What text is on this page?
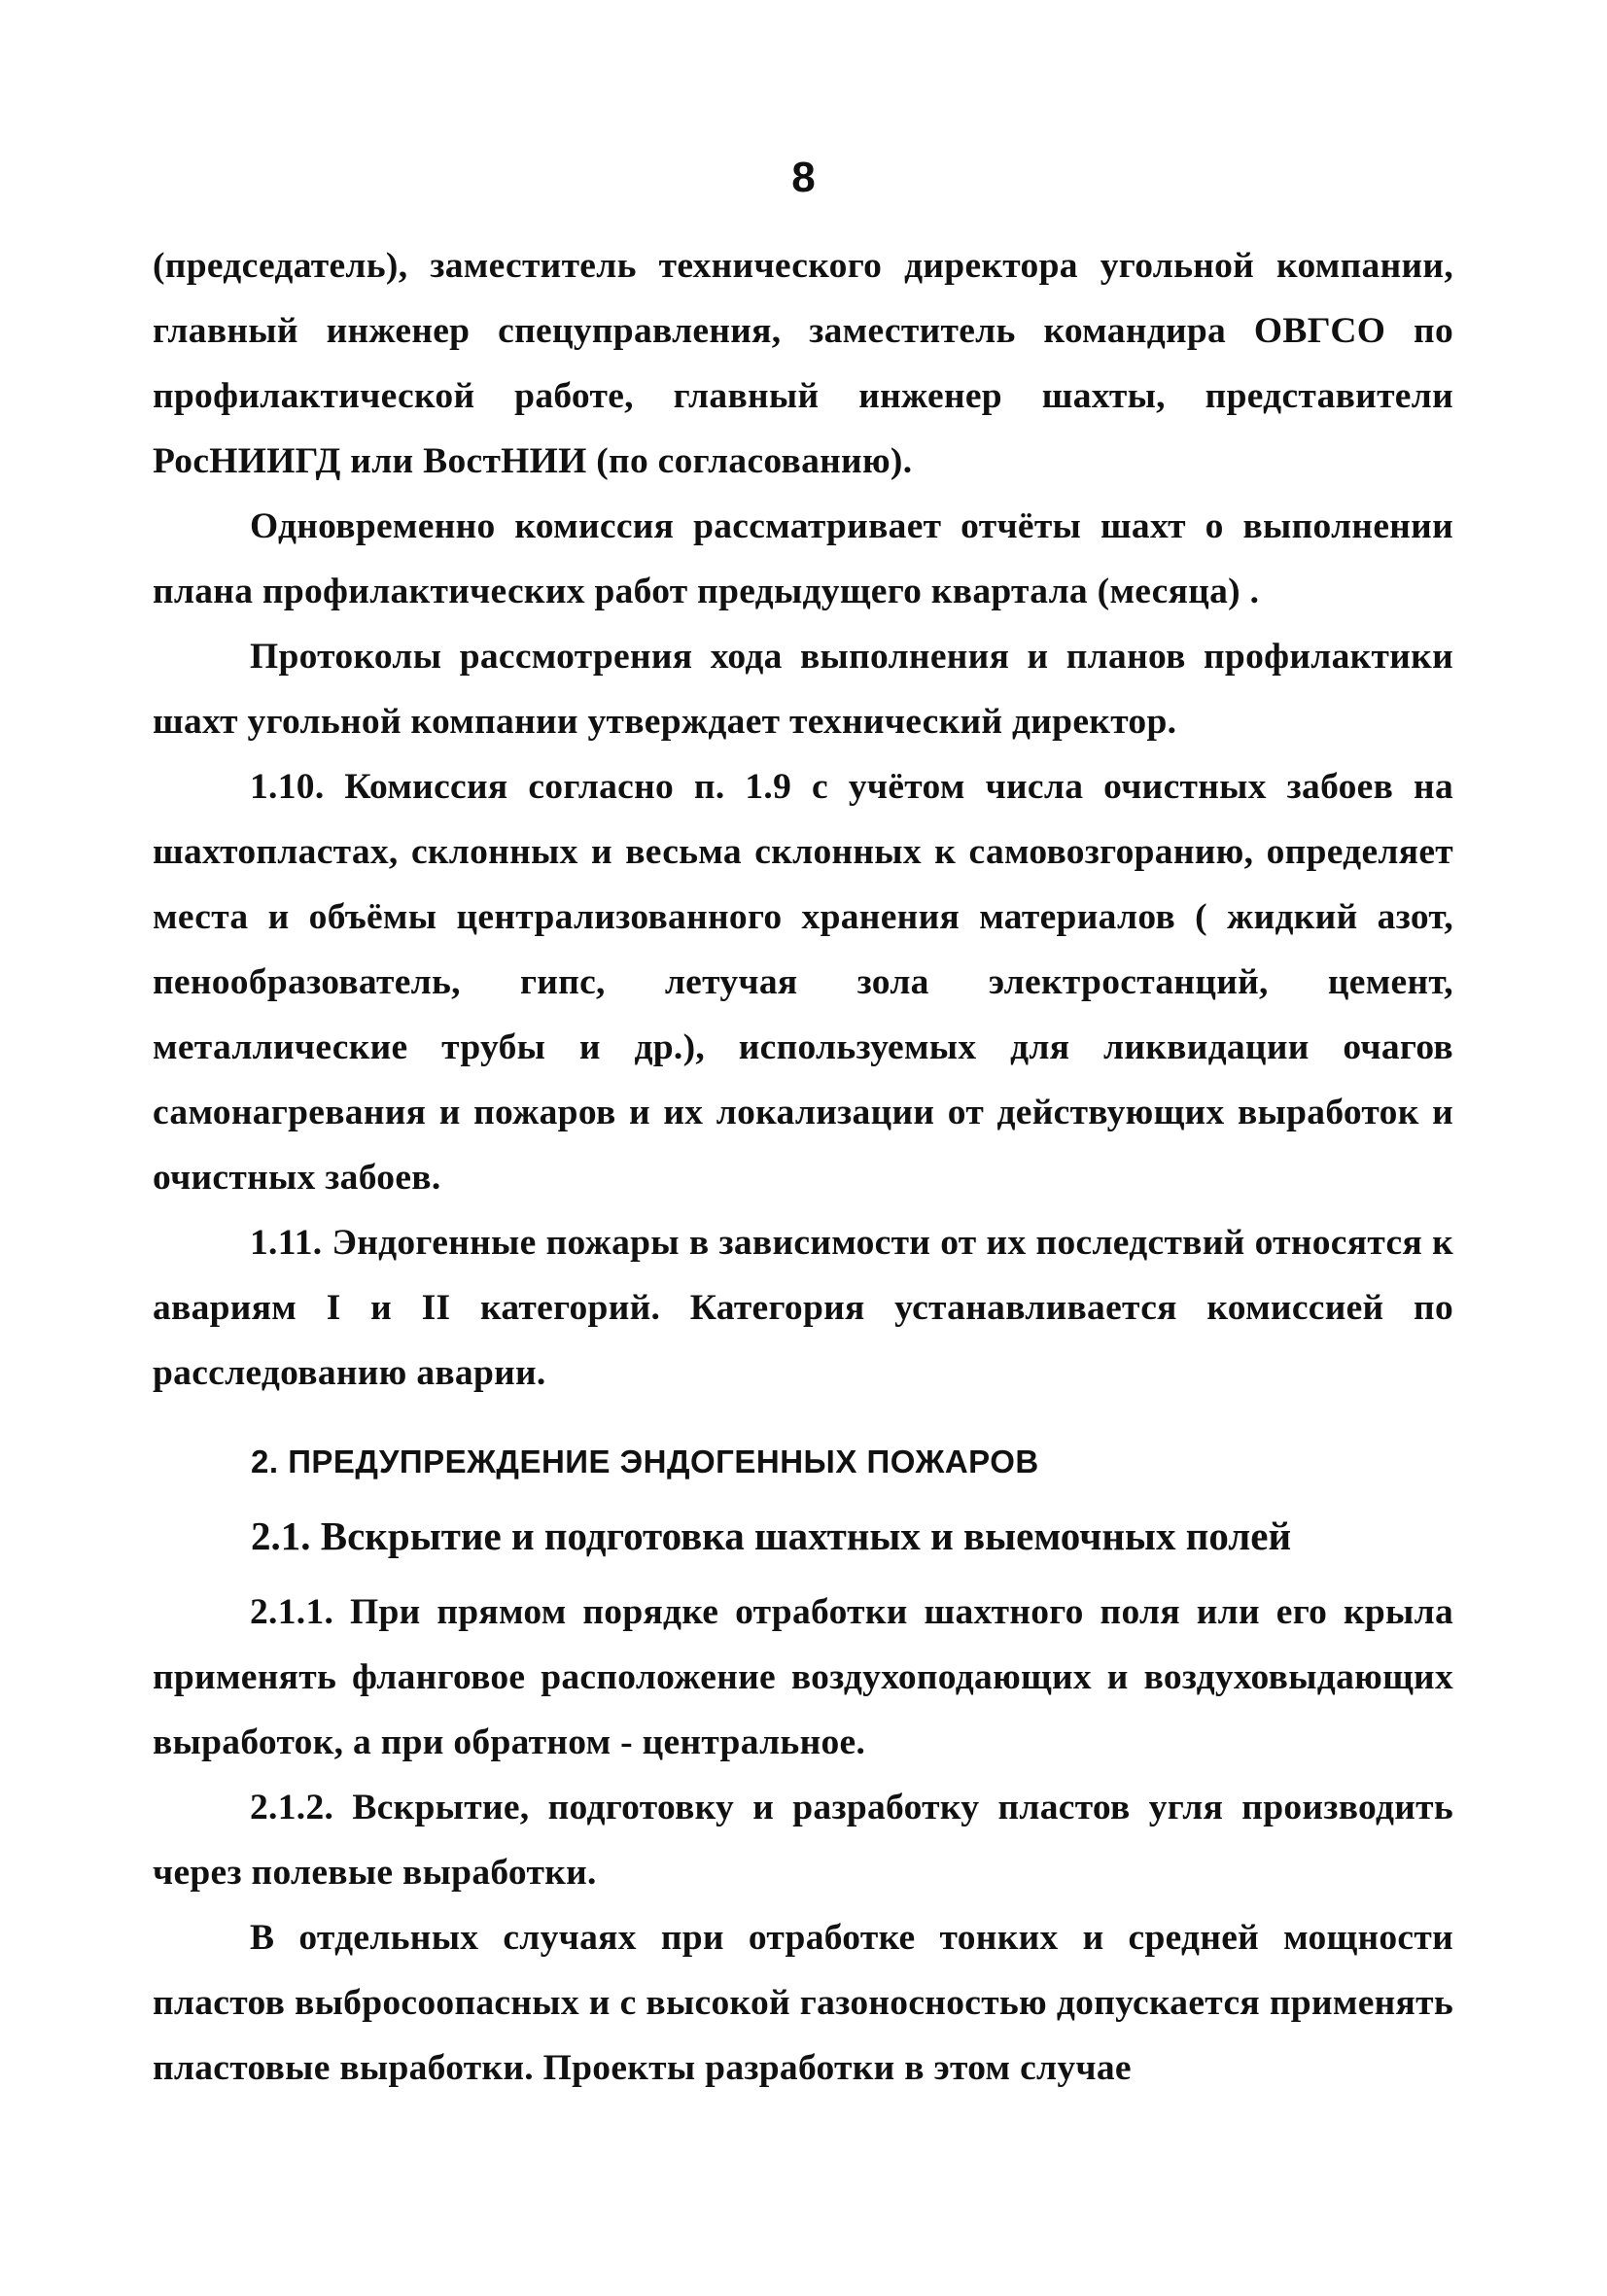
8

(председатель), заместитель технического директора угольной компании, главный инженер спецуправления, заместитель командира ОВГСО по профилактической работе, главный инженер шахты, представители РосНИИГД или ВостНИИ (по согласованию).

Одновременно комиссия рассматривает отчёты шахт о выполнении плана профилактических работ предыдущего квартала (месяца) .

Протоколы рассмотрения хода выполнения и планов профилактики шахт угольной компании утверждает технический директор.

1.10. Комиссия согласно п. 1.9 с учётом числа очистных забоев на шахтопластах, склонных и весьма склонных к самовозгоранию, определяет места и объёмы централизованного хранения материалов ( жидкий азот, пенообразователь, гипс, летучая зола электростанций, цемент, металлические трубы и др.), используемых для ликвидации очагов самонагревания и пожаров и их локализации от действующих выработок и очистных забоев.

1.11. Эндогенные пожары в зависимости от их последствий относятся к авариям I и II категорий. Категория устанавливается комиссией по расследованию аварии.

2. ПРЕДУПРЕЖДЕНИЕ ЭНДОГЕННЫХ ПОЖАРОВ
2.1. Вскрытие и подготовка шахтных и выемочных полей

2.1.1. При прямом порядке отработки шахтного поля или его крыла применять фланговое расположение воздухоподающих и воздуховыдающих выработок, а при обратном - центральное.

2.1.2. Вскрытие, подготовку и разработку пластов угля производить через полевые выработки.

В отдельных случаях при отработке тонких и средней мощности пластов выбросоопасных и с высокой газоносностью допускается применять пластовые выработки. Проекты разработки в этом случае
